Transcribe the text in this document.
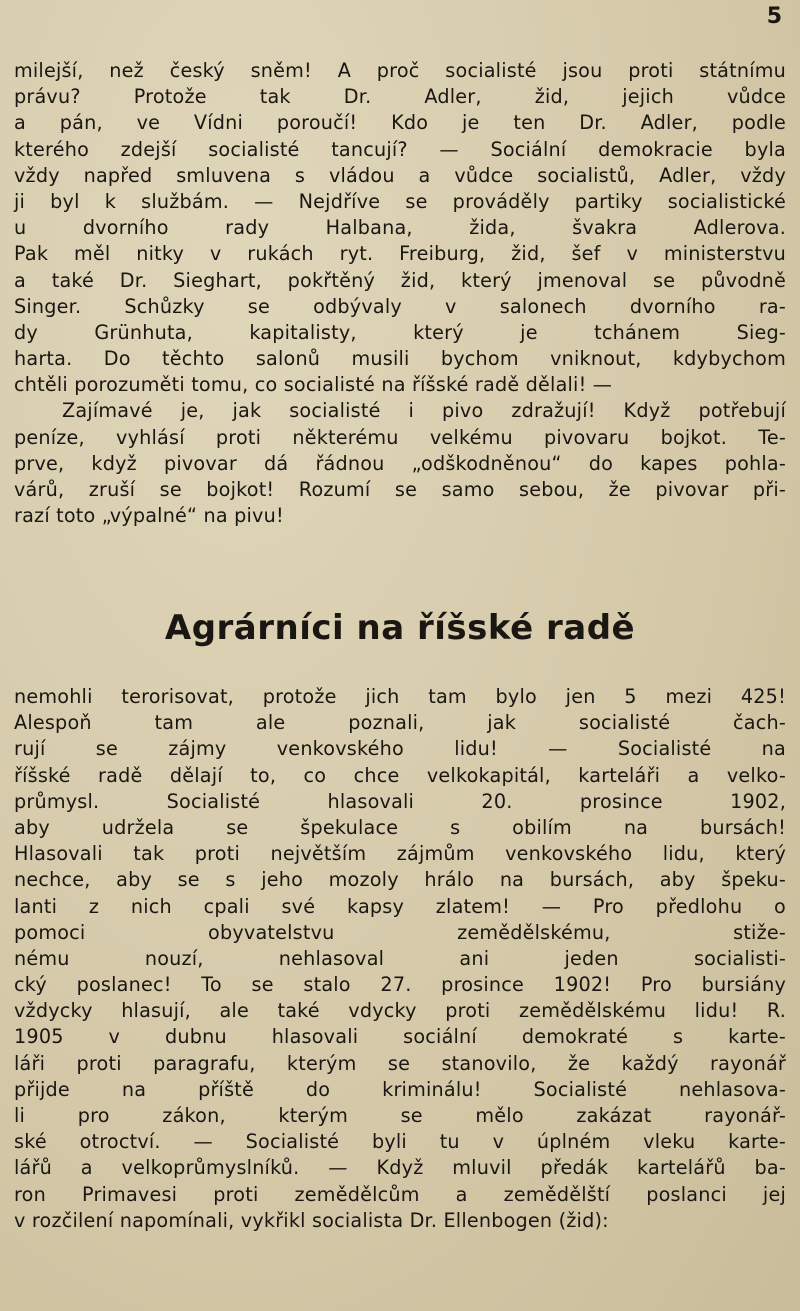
5
milejší, než český sněm! A proč socialisté jsou proti státnímu
právu? Protože tak Dr. Adler, žid, jejich vůdce
a pán, ve Vídni poroučí! Kdo je ten Dr. Adler, podle
kterého zdejší socialisté tancují? — Sociální demokracie byla
vždy napřed smluvena s vládou a vůdce socialistů, Adler, vždy
ji byl k službám. — Nejdříve se prováděly partiky socialistické
u dvorního rady Halbana, žida, švakra Adlerova.
Pak měl nitky v rukách ryt. Freiburg, žid, šef v ministerstvu
a také Dr. Sieghart, pokřtěný žid, který jmenoval se původně
Singer. Schůzky se odbývaly v salonech dvorního ra-
dy Grünhuta, kapitalisty, který je tchánem Sieg-
harta. Do těchto salonů musili bychom vniknout, kdybychom
chtěli porozuměti tomu, co socialisté na říšské radě dělali! —
Zajímavé je, jak socialisté i pivo zdražují! Když potřebují
peníze, vyhlásí proti některému velkému pivovaru bojkot. Te-
prve, když pivovar dá řádnou „odškodněnou“ do kapes pohla-
várů, zruší se bojkot! Rozumí se samo sebou, že pivovar při-
razí toto „výpalné“ na pivu!
Agrárníci na říšské radě
nemohli terorisovat, protože jich tam bylo jen 5 mezi 425!
Alespoň tam ale poznali, jak socialisté čach-
rují se zájmy venkovského lidu! — Socialisté na
říšské radě dělají to, co chce velkokapitál, karteláři a velko-
průmysl. Socialisté hlasovali 20. prosince 1902,
aby udržela se špekulace s obilím na bursách!
Hlasovali tak proti největším zájmům venkovského lidu, který
nechce, aby se s jeho mozoly hrálo na bursách, aby špeku-
lanti z nich cpali své kapsy zlatem! — Pro předlohu o
pomoci obyvatelstvu zemědělskému, stiže-
nému nouzí, nehlasoval ani jeden socialisti-
cký poslanec! To se stalo 27. prosince 1902! Pro bursiány
vždycky hlasují, ale také vdycky proti zemědělskému lidu! R.
1905 v dubnu hlasovali sociální demokraté s karte-
láři proti paragrafu, kterým se stanovilo, že každý rayonář
přijde na příště do kriminálu! Socialisté nehlasova-
li pro zákon, kterým se mělo zakázat rayonář-
ské otroctví. — Socialisté byli tu v úplném vleku karte-
lářů a velkoprůmyslníků. — Když mluvil předák kartelářů ba-
ron Primavesi proti zemědělcům a zemědělští poslanci jej
v rozčilení napomínali, vykřikl socialista Dr. Ellenbogen (žid):
